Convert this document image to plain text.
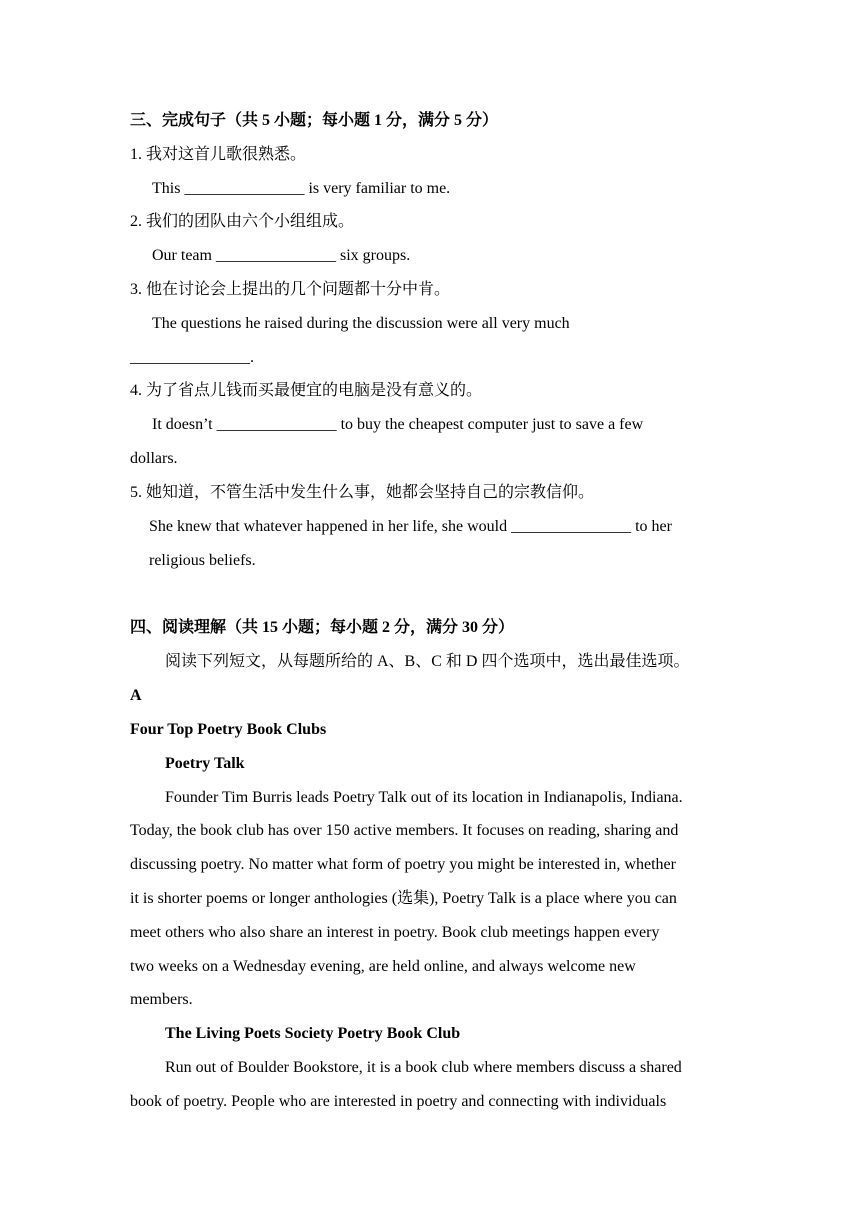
三、完成句子（共 5 小题；每小题 1 分，满分 5 分）
1. 我对这首儿歌很熟悉。
This _______________ is very familiar to me.
2. 我们的团队由六个小组组成。
Our team _______________ six groups.
3. 他在讨论会上提出的几个问题都十分中肯。
The questions he raised during the discussion were all very much
_______________.
4. 为了省点儿钱而买最便宜的电脑是没有意义的。
It doesn’t _______________ to buy the cheapest computer just to save a few
dollars.
5. 她知道，不管生活中发生什么事，她都会坚持自己的宗教信仰。
She knew that whatever happened in her life, she would _______________ to her
religious beliefs.
四、阅读理解（共 15 小题；每小题 2 分，满分 30 分）
阅读下列短文，从每题所给的 A、B、C 和 D 四个选项中，选出最佳选项。
A
Four Top Poetry Book Clubs
Poetry Talk
Founder Tim Burris leads Poetry Talk out of its location in Indianapolis, Indiana.
Today, the book club has over 150 active members. It focuses on reading, sharing and
discussing poetry. No matter what form of poetry you might be interested in, whether
it is shorter poems or longer anthologies (选集), Poetry Talk is a place where you can
meet others who also share an interest in poetry. Book club meetings happen every
two weeks on a Wednesday evening, are held online, and always welcome new
members.
The Living Poets Society Poetry Book Club
Run out of Boulder Bookstore, it is a book club where members discuss a shared
book of poetry. People who are interested in poetry and connecting with individuals
